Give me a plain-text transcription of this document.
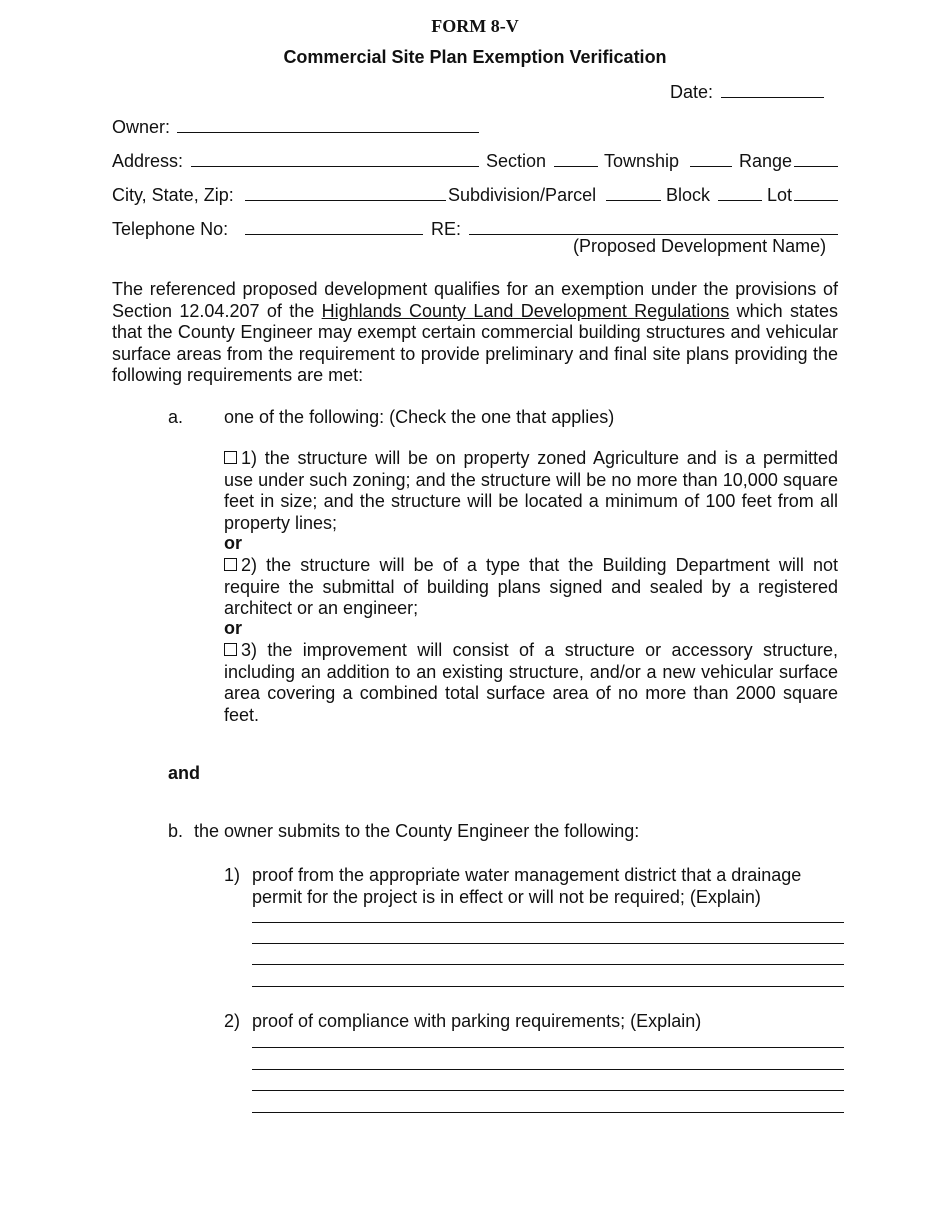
FORM 8-V
Commercial Site Plan Exemption Verification
Date:
Owner:
Address:	Section	Township	Range
City, State, Zip:	Subdivision/Parcel	Block	Lot
Telephone No:	RE:
(Proposed Development Name)
The referenced proposed development qualifies for an exemption under the provisions of Section 12.04.207 of the Highlands County Land Development Regulations which states that the County Engineer may exempt certain commercial building structures and vehicular surface areas from the requirement to provide preliminary and final site plans providing the following requirements are met:
a. one of the following: (Check the one that applies)
1) the structure will be on property zoned Agriculture and is a permitted use under such zoning; and the structure will be no more than 10,000 square feet in size; and the structure will be located a minimum of 100 feet from all property lines;
or
2) the structure will be of a type that the Building Department will not require the submittal of building plans signed and sealed by a registered architect or an engineer;
or
3) the improvement will consist of a structure or accessory structure, including an addition to an existing structure, and/or a new vehicular surface area covering a combined total surface area of no more than 2000 square feet.
and
b. the owner submits to the County Engineer the following:
1) proof from the appropriate water management district that a drainage permit for the project is in effect or will not be required; (Explain)
2) proof of compliance with parking requirements; (Explain)
